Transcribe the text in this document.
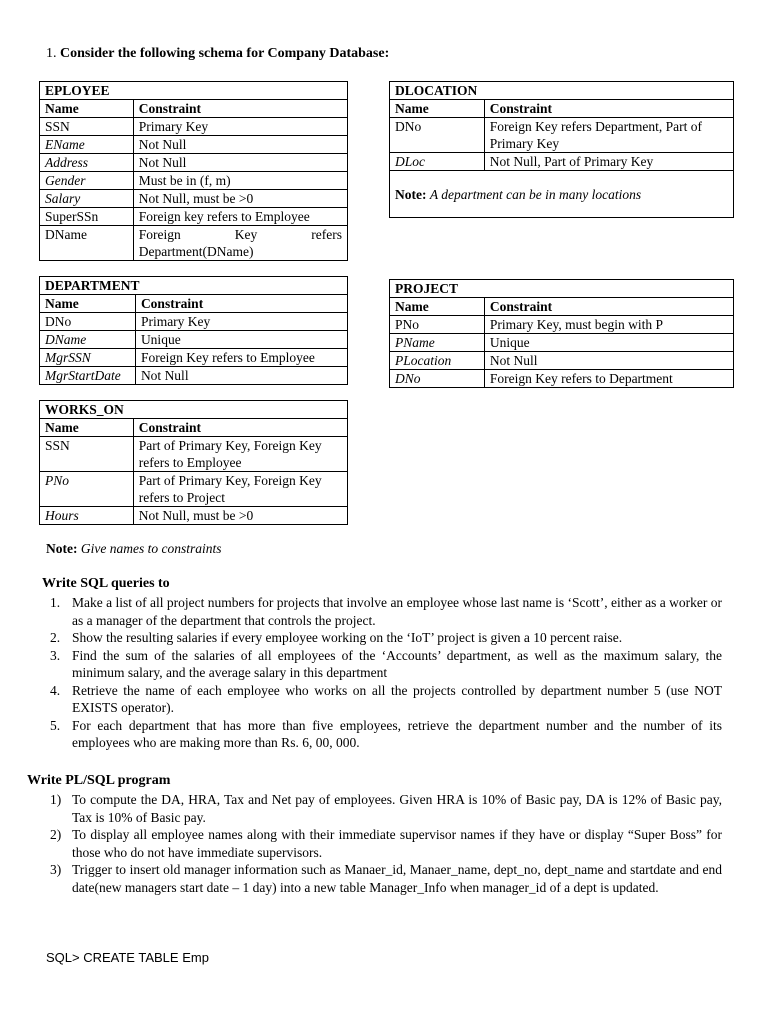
1. Consider the following schema for Company Database:
EPLOYEE	
Name	Constraint
SSN	Primary Key
EName	Not Null
Address	Not Null
Gender	Must be in (f, m)
Salary	Not Null, must be >0
SuperSSn	Foreign key refers to Employee
DName	Foreign Key refers Department(DName)
DLOCATION	
Name	Constraint
DNo	Foreign Key refers Department, Part of Primary Key
DLoc	Not Null, Part of Primary Key
Note: A department can be in many locations	
DEPARTMENT	
Name	Constraint
DNo	Primary Key
DName	Unique
MgrSSN	Foreign Key refers to Employee
MgrStartDate	Not Null
PROJECT	
Name	Constraint
PNo	Primary Key, must begin with P
PName	Unique
PLocation	Not Null
DNo	Foreign Key refers to Department
WORKS_ON	
Name	Constraint
SSN	Part of Primary Key, Foreign Key refers to Employee
PNo	Part of Primary Key, Foreign Key refers to Project
Hours	Not Null, must be >0
Note: Give names to constraints
Write SQL queries to
1. Make a list of all project numbers for projects that involve an employee whose last name is ‘Scott’, either as a worker or as a manager of the department that controls the project.
2. Show the resulting salaries if every employee working on the ‘IoT’ project is given a 10 percent raise.
3. Find the sum of the salaries of all employees of the ‘Accounts’ department, as well as the maximum salary, the minimum salary, and the average salary in this department
4. Retrieve the name of each employee who works on all the projects controlled by department number 5 (use NOT EXISTS operator).
5. For each department that has more than five employees, retrieve the department number and the number of its employees who are making more than Rs. 6, 00, 000.
Write PL/SQL program
1) To compute the DA, HRA, Tax and Net pay of employees. Given HRA is 10% of Basic pay, DA is 12% of Basic pay, Tax is 10% of Basic pay.
2) To display all employee names along with their immediate supervisor names if they have or display “Super Boss” for those who do not have immediate supervisors.
3) Trigger to insert old manager information such as Manaer_id, Manaer_name, dept_no, dept_name and startdate and end date(new managers start date – 1 day) into a new table Manager_Info when manager_id of a dept is updated.
SQL> CREATE TABLE Emp
